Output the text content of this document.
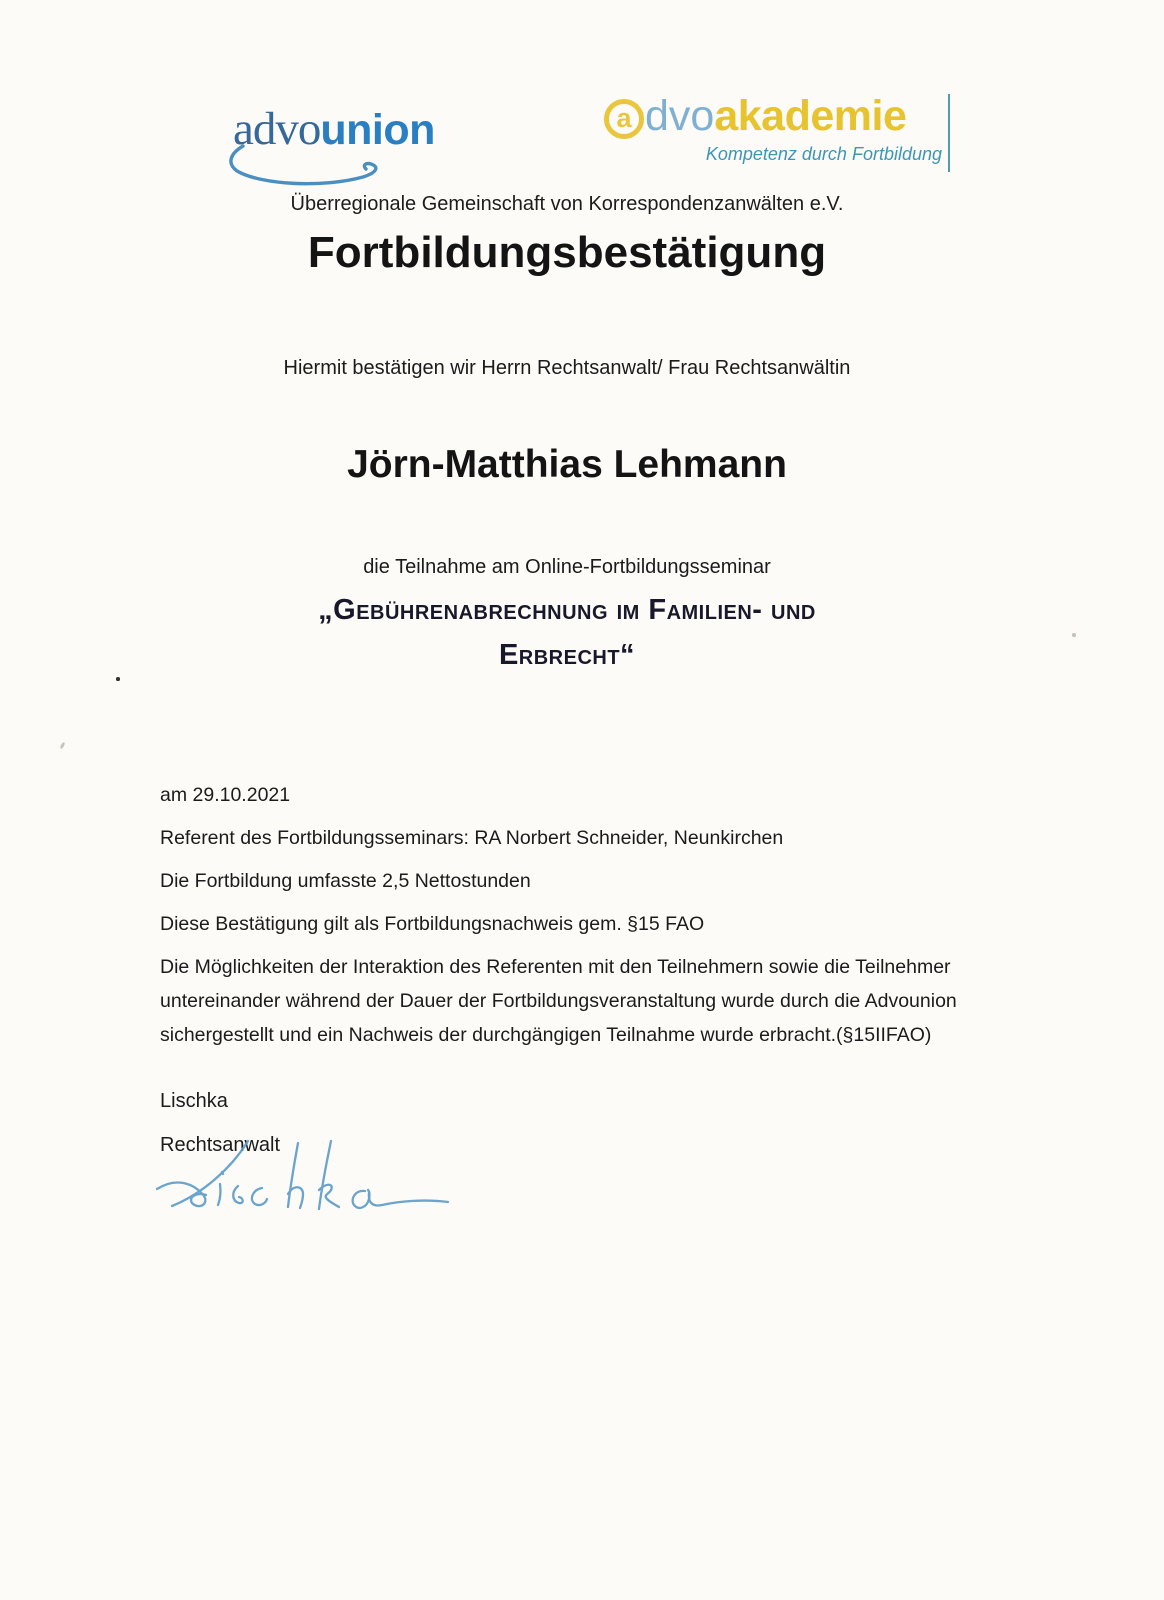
advounion	a dvo akademie
Kompetenz durch Fortbildung
Überregionale Gemeinschaft von Korrespondenzanwälten e.V.
Fortbildungsbestätigung
Hiermit bestätigen wir Herrn Rechtsanwalt/ Frau Rechtsanwältin
Jörn-Matthias Lehmann
die Teilnahme am Online-Fortbildungsseminar
„Gebührenabrechnung im Familien- und
Erbrecht“

am 29.10.2021

Referent des Fortbildungsseminars: RA Norbert Schneider, Neunkirchen

Die Fortbildung umfasste 2,5 Nettostunden

Diese Bestätigung gilt als Fortbildungsnachweis gem. §15 FAO

Die Möglichkeiten der Interaktion des Referenten mit den Teilnehmern sowie die Teilnehmer untereinander während der Dauer der Fortbildungsveranstaltung wurde durch die Advounion sichergestellt und ein Nachweis der durchgängigen Teilnahme wurde erbracht.(§15IIFAO)

Lischka
Rechtsanwalt
